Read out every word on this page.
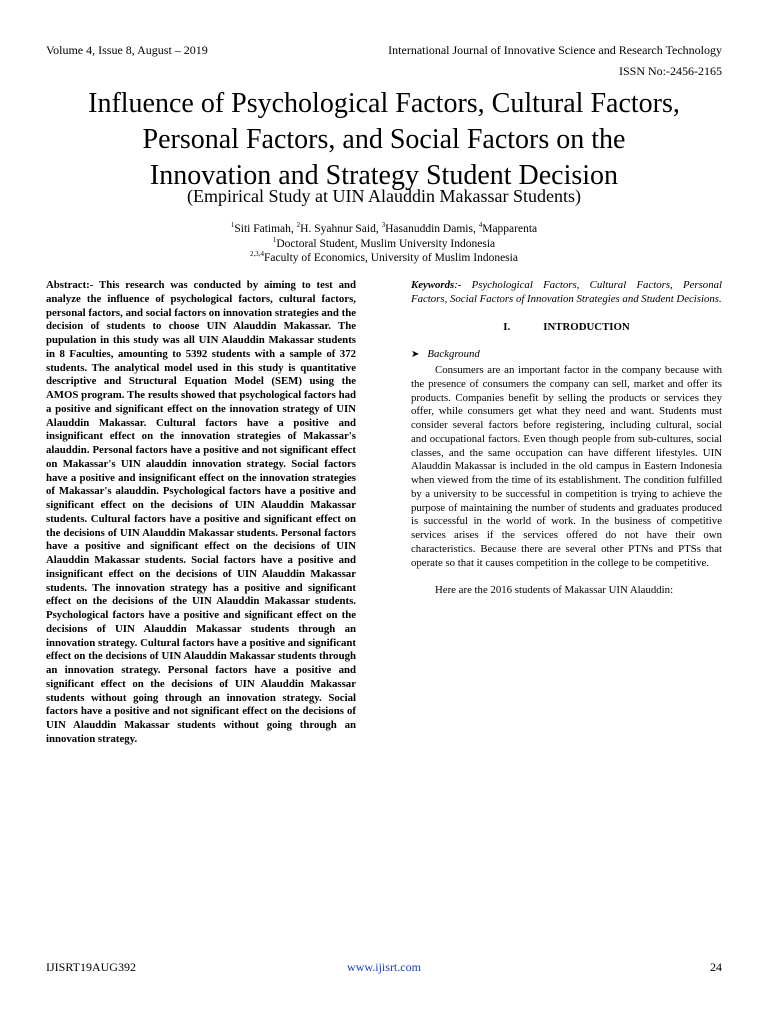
Volume 4, Issue 8, August – 2019	International Journal of Innovative Science and Research Technology
ISSN No:-2456-2165
Influence of Psychological Factors, Cultural Factors,
Personal Factors, and Social Factors on the
Innovation and Strategy Student Decision
(Empirical Study at UIN Alauddin Makassar Students)
$^1$Siti Fatimah, $^2$H. Syahnur Said, $^3$Hasanuddin Damis, $^4$Mapparenta
$^1$Doctoral Student, Muslim University Indonesia
$^{2,3,4}$Faculty of Economics, University of Muslim Indonesia
Abstract:- This research was conducted by aiming to test and analyze the influence of psychological factors, cultural factors, personal factors, and social factors on innovation strategies and the decision of students to choose UIN Alauddin Makassar. The pupulation in this study was all UIN Alauddin Makassar students in 8 Faculties, amounting to 5392 students with a sample of 372 students. The analytical model used in this study is quantitative descriptive and Structural Equation Model (SEM) using the AMOS program. The results showed that psychological factors had a positive and significant effect on the innovation strategy of UIN Alauddin Makassar. Cultural factors have a positive and insignificant effect on the innovation strategies of Makassar's alauddin. Personal factors have a positive and not significant effect on Makassar's UIN alauddin innovation strategy. Social factors have a positive and insignificant effect on the innovation strategies of Makassar's alauddin. Psychological factors have a positive and significant effect on the decisions of UIN Alauddin Makassar students. Cultural factors have a positive and significant effect on the decisions of UIN Alauddin Makassar students. Personal factors have a positive and significant effect on the decisions of UIN Alauddin Makassar students. Social factors have a positive and insignificant effect on the decisions of UIN Alauddin Makassar students. The innovation strategy has a positive and significant effect on the decisions of the UIN Alauddin Makassar students. Psychological factors have a positive and significant effect on the decisions of UIN Alauddin Makassar students through an innovation strategy. Cultural factors have a positive and significant effect on the decisions of UIN Alauddin Makassar students through an innovation strategy. Personal factors have a positive and significant effect on the decisions of UIN Alauddin Makassar students without going through an innovation strategy. Social factors have a positive and not significant effect on the decisions of UIN Alauddin Makassar students without going through an innovation strategy.
Keywords:- Psychological Factors, Cultural Factors, Personal Factors, Social Factors of Innovation Strategies and Student Decisions.
I.	INTRODUCTION
➤ Background

Consumers are an important factor in the company because with the presence of consumers the company can sell, market and offer its products. Companies benefit by selling the products or services they offer, while consumers get what they need and want. Students must consider several factors before registering, including cultural, social and occupational factors. Even though people from sub-cultures, social classes, and the same occupation can have different lifestyles. UIN Alauddin Makassar is included in the old campus in Eastern Indonesia when viewed from the time of its establishment. The condition fulfilled by a university to be successful in competition is trying to achieve the purpose of maintaining the number of students and graduates produced is successful in the world of work. In the business of competitive services arises if the services offered do not have their own characteristics. Because there are several other PTNs and PTSs that operate so that it causes competition in the college to be competitive.

Here are the 2016 students of Makassar UIN Alauddin:

IJISRT19AUG392	www.ijisrt.com	24
